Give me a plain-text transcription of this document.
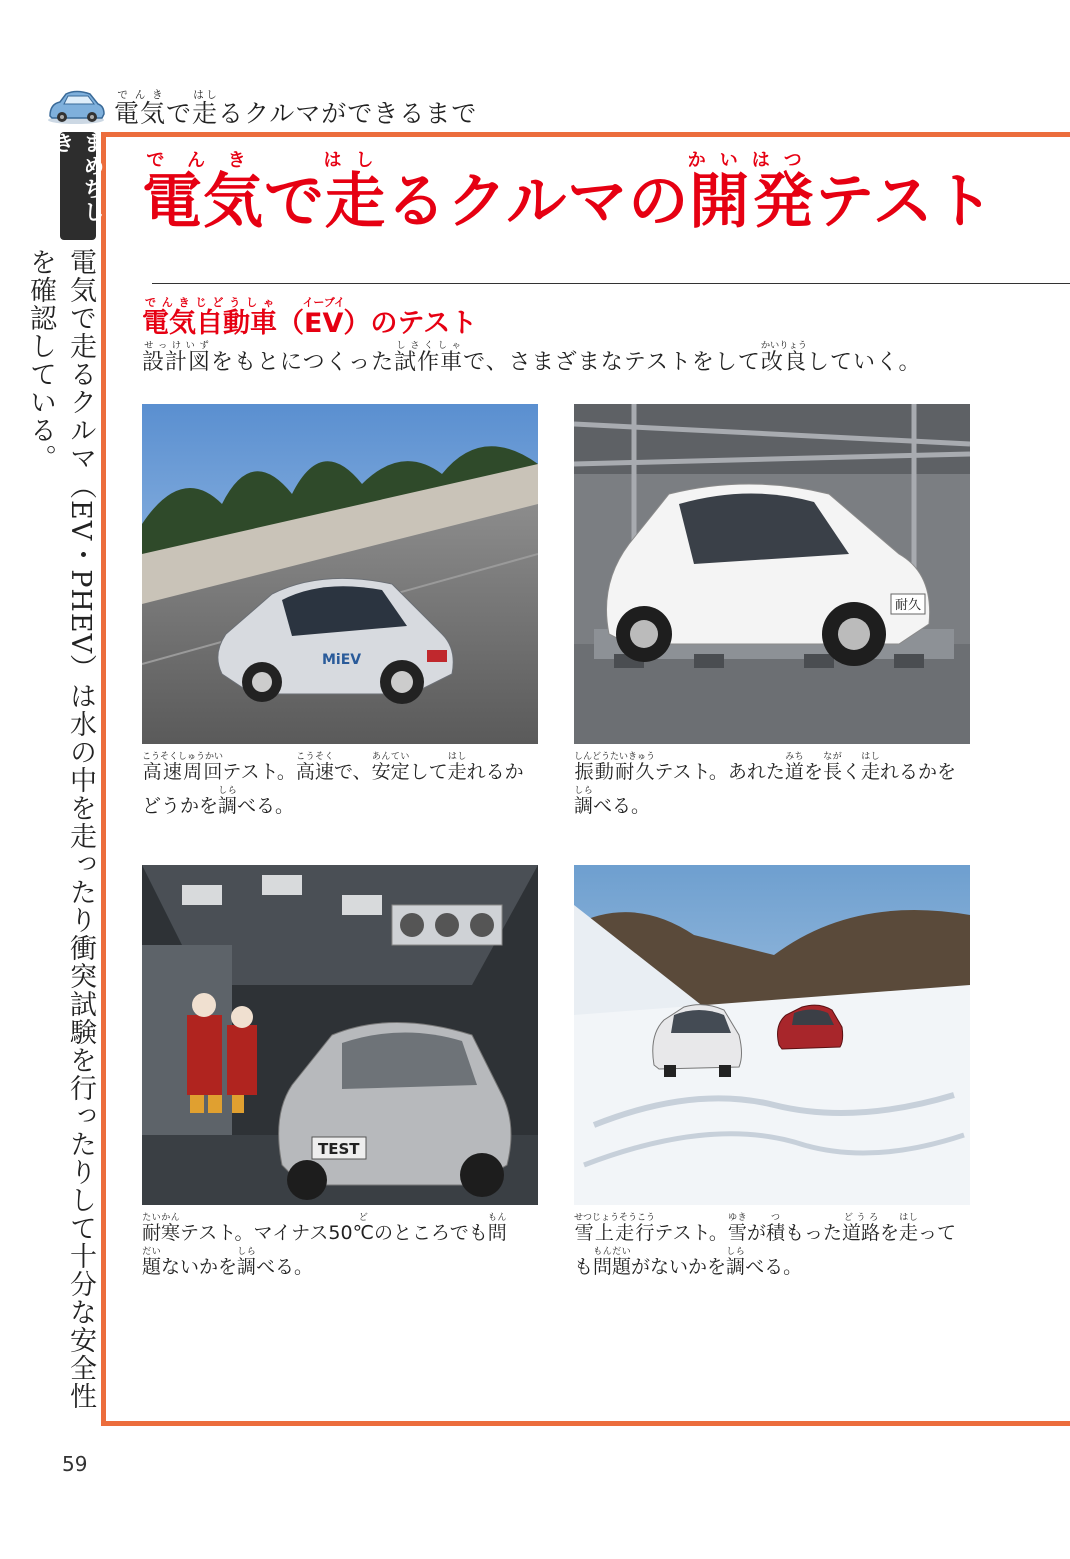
電気でんきで走はしるクルマができるまで
まめちしき
電気で走るクルマ（EV・PHEV）は水の中を走ったり衝突試験を行ったりして十分な安全性を確認している。
59
電気でんきで走はしるクルマの開発かいはつテスト
電気自動車でんきじどうしゃ（EVイーブイ）のテスト
設計図せっけいずをもとにつくった試作車しさくしゃで、さまざまなテストをして改良かいりょうしていく。
MiEV
耐久
TEST
高速周回こうそくしゅうかいテスト。高速こうそくで、安定あんていして走はしれるか
どうかを調しらべる。
振動耐久しんどうたいきゅうテスト。あれた道みちを長ながく走はしれるかを
調しらべる。
耐寒たいかんテスト。マイナス50℃どのところでも問もん
題だいないかを調しらべる。
雪上走行せつじょうそうこうテスト。雪ゆきが積つもった道路どうろを走はしって
も問題もんだいがないかを調しらべる。
